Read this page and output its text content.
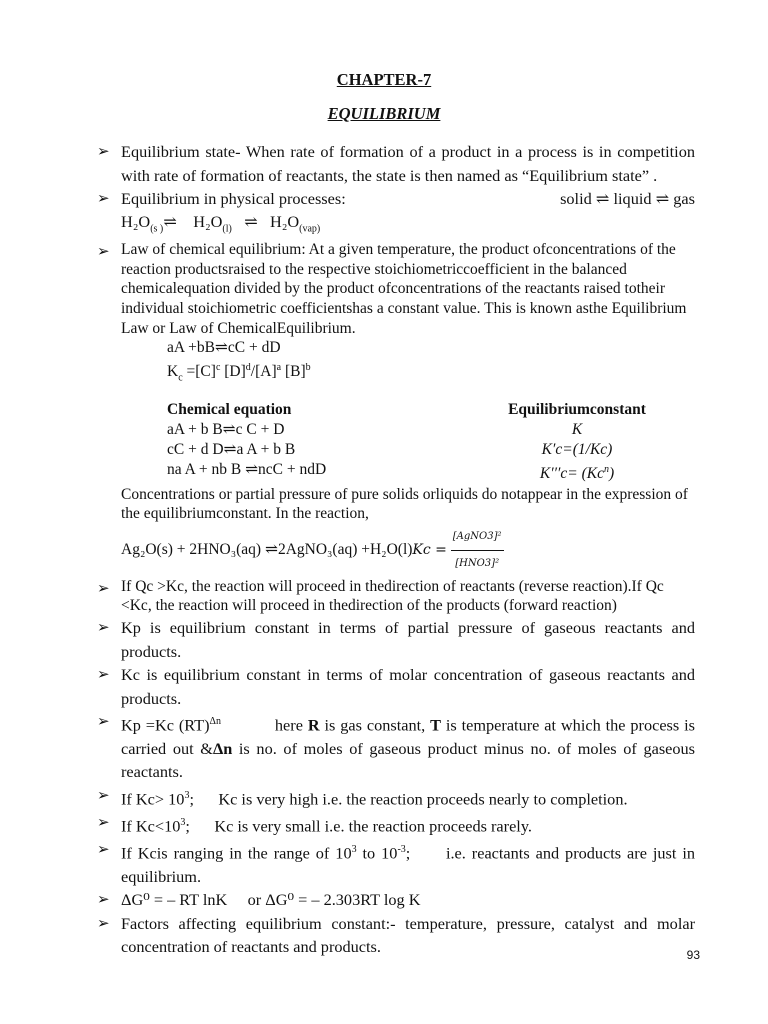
CHAPTER-7
EQUILIBRIUM
➢ Equilibrium state- When rate of formation of a product in a process is in competition with rate of formation of reactants, the state is then named as “Equilibrium state” .
➢ Equilibrium in physical processes:	solid ⇌ liquid ⇌ gas
$H_2O_{(s )}\rightleftharpoons$ $H_2O_{(l)}$ ⇌ $H_2O_{(vap)}$
➢ Law of chemical equilibrium: At a given temperature, the product ofconcentrations of the reaction productsraised to the respective stoichiometriccoefficient in the balanced chemicalequation divided by the product ofconcentrations of the reactants raised totheir individual stoichiometric coefficientshas a constant value. This is known asthe Equilibrium Law or Law of ChemicalEquilibrium.
aA +bB⇌cC + dD
$K_c =[C]^c$ $[D]^d/[A]^a$ $[B]^b$
Chemical equation	Equilibriumconstant
aA + b B⇌c C + D	K
cC + d D⇌a A + b B	K′c=(1/Kc)
na A + nb B ⇌ncC + ndD	$K'''c= (Kc^n)$
Concentrations or partial pressure of pure solids orliquids do notappear in the expression of the equilibriumconstant. In the reaction,
Ag₂O(s) + 2HNO₃(aq) ⇌2AgNO₃(aq) $+H_2O(l)Kc = \frac{\text{[AgNO3]²}}{\text{[HNO3]²}}$
➢ If Qc >Kc, the reaction will proceed in thedirection of reactants (reverse reaction).If Qc <Kc, the reaction will proceed in thedirection of the products (forward reaction)
➢ Kp is equilibrium constant in terms of partial pressure of gaseous reactants and products.
➢ Kc is equilibrium constant in terms of molar concentration of gaseous reactants and products.
➢ Kp =Kc (RT)$^{\Delta n}$	here R is gas constant, T is temperature at which the process is carried out &Δn is no. of moles of gaseous product minus no. of moles of gaseous reactants.
➢ If $Kc> 10^3$;      Kc is very high i.e. the reaction proceeds nearly to completion.
➢ If $Kc<10^3$;      Kc is very small i.e. the reaction proceeds rarely.
➢ If Kcis ranging in the range of $10^3$ to $10^{-3}$;      i.e. reactants and products are just in equilibrium.
➢ ΔG⁰ = – RT lnK     or ΔG⁰ = – 2.303RT log K
➢ Factors affecting equilibrium constant:- temperature, pressure, catalyst and molar concentration of reactants and products.	93
